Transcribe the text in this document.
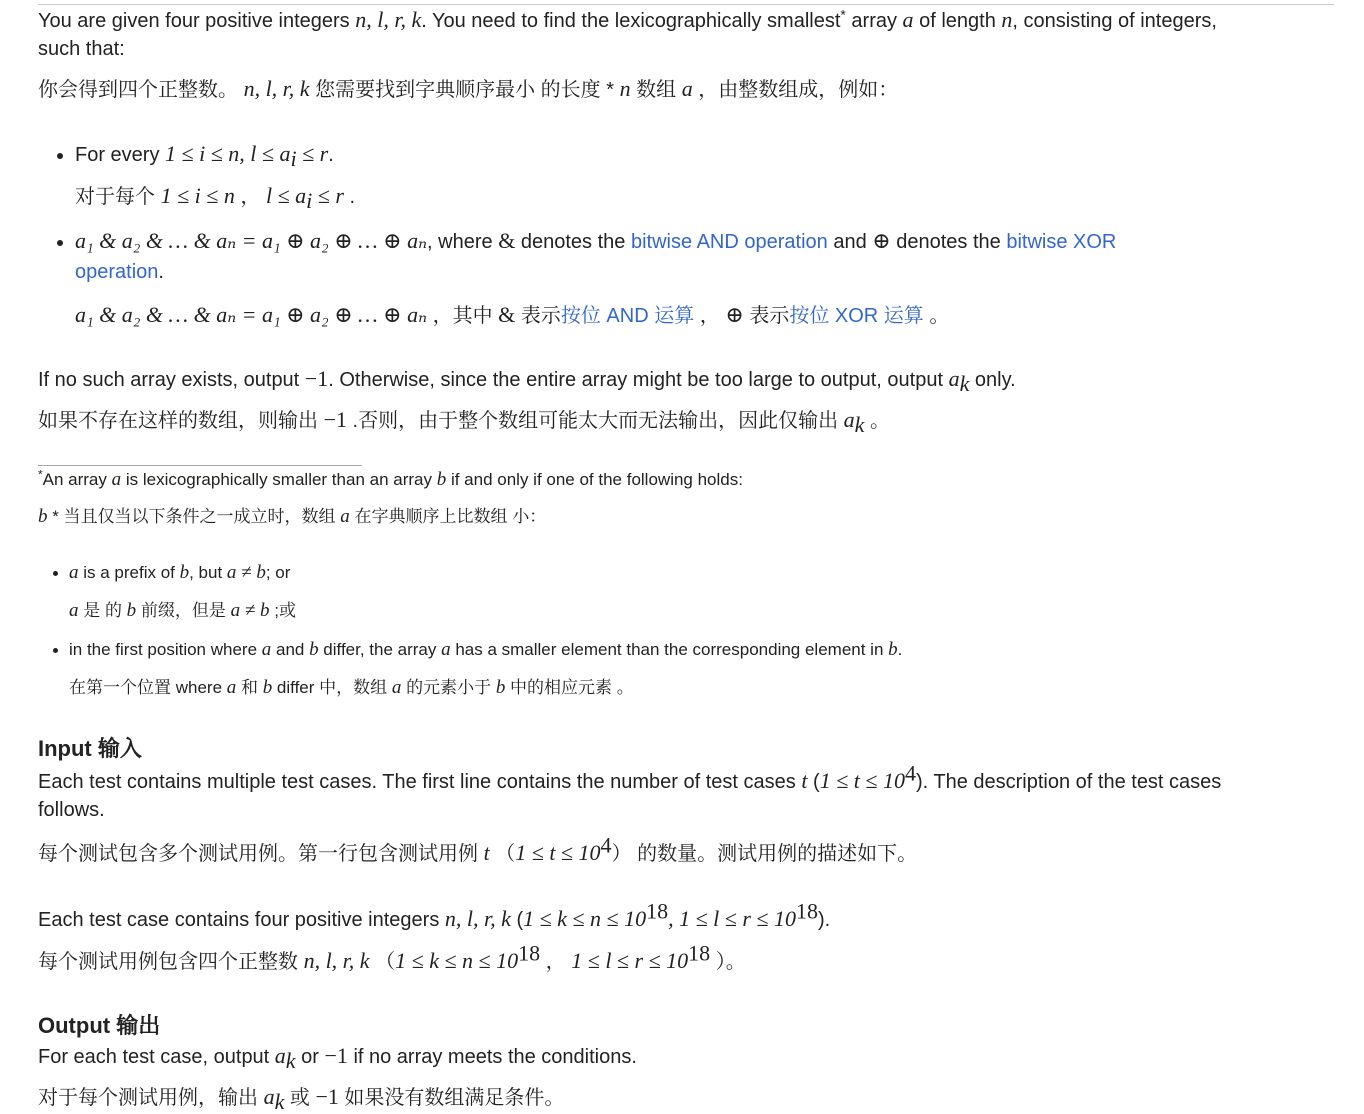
You are given four positive integers n, l, r, k. You need to find the lexicographically smallest* array a of length n, consisting of integers,
such that:
你会得到四个正整数。 n, l, r, k 您需要找到字典顺序最小 的长度 * n 数组 a ，由整数组成，例如：
For every 1 ≤ i ≤ n, $l \le a_i \le r$.
对于每个 1 ≤ i ≤ n ， $l \le a_i \le r$ .
a₁ & a₂ & … & aₙ = a₁ ⊕ a₂ ⊕ … ⊕ aₙ, where & denotes the bitwise AND operation and ⊕ denotes the bitwise XOR
operation.
a₁ & a₂ & … & aₙ = a₁ ⊕ a₂ ⊕ … ⊕ aₙ ，其中 & 表示按位 AND 运算 ， ⊕ 表示按位 XOR 运算 。
If no such array exists, output −1. Otherwise, since the entire array might be too large to output, output $a_k$ only.
如果不存在这样的数组，则输出 −1 .否则，由于整个数组可能太大而无法输出，因此仅输出 $a_k$ 。
*An array a is lexicographically smaller than an array b if and only if one of the following holds:
b * 当且仅当以下条件之一成立时，数组 a 在字典顺序上比数组 小：
a is a prefix of b, but a ≠ b; or
a 是 的 b 前缀，但是 a ≠ b ;或
in the first position where a and b differ, the array a has a smaller element than the corresponding element in b.
在第一个位置 where a 和 b differ 中，数组 a 的元素小于 b 中的相应元素 。
Input 输入
Each test contains multiple test cases. The first line contains the number of test cases t $(1 \le t \le 10^4)$. The description of the test cases
follows.
每个测试包含多个测试用例。第一行包含测试用例 t $(1 \le t \le 10^4)$ 的数量。测试用例的描述如下。
Each test case contains four positive integers n, l, r, k ($1 \le k \le n \le 10^{18}$, $1 \le l \le r \le 10^{18}$).
每个测试用例包含四个正整数 n, l, r, k （$1 \le k \le n \le 10^{18}$ ， $1 \le l \le r \le 10^{18}$ ）。
Output 输出
For each test case, output $a_k$ or −1 if no array meets the conditions.
对于每个测试用例，输出 $a_k$ 或 −1 如果没有数组满足条件。
